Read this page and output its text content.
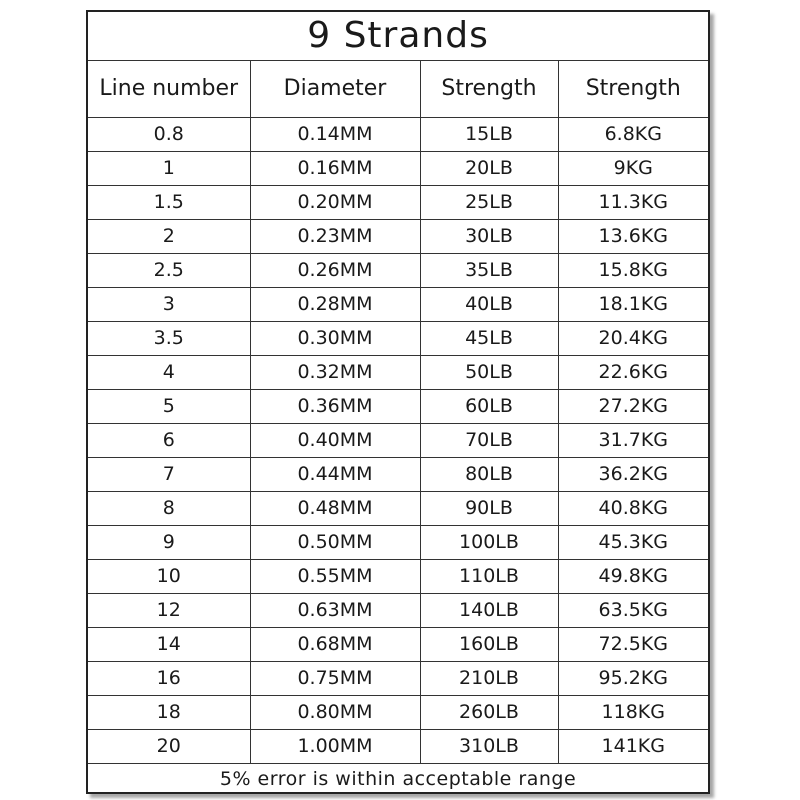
9 Strands			
Line number	Diameter	Strength	Strength
0.8	0.14MM	15LB	6.8KG
1	0.16MM	20LB	9KG
1.5	0.20MM	25LB	11.3KG
2	0.23MM	30LB	13.6KG
2.5	0.26MM	35LB	15.8KG
3	0.28MM	40LB	18.1KG
3.5	0.30MM	45LB	20.4KG
4	0.32MM	50LB	22.6KG
5	0.36MM	60LB	27.2KG
6	0.40MM	70LB	31.7KG
7	0.44MM	80LB	36.2KG
8	0.48MM	90LB	40.8KG
9	0.50MM	100LB	45.3KG
10	0.55MM	110LB	49.8KG
12	0.63MM	140LB	63.5KG
14	0.68MM	160LB	72.5KG
16	0.75MM	210LB	95.2KG
18	0.80MM	260LB	118KG
20	1.00MM	310LB	141KG
5% error is within acceptable range			
